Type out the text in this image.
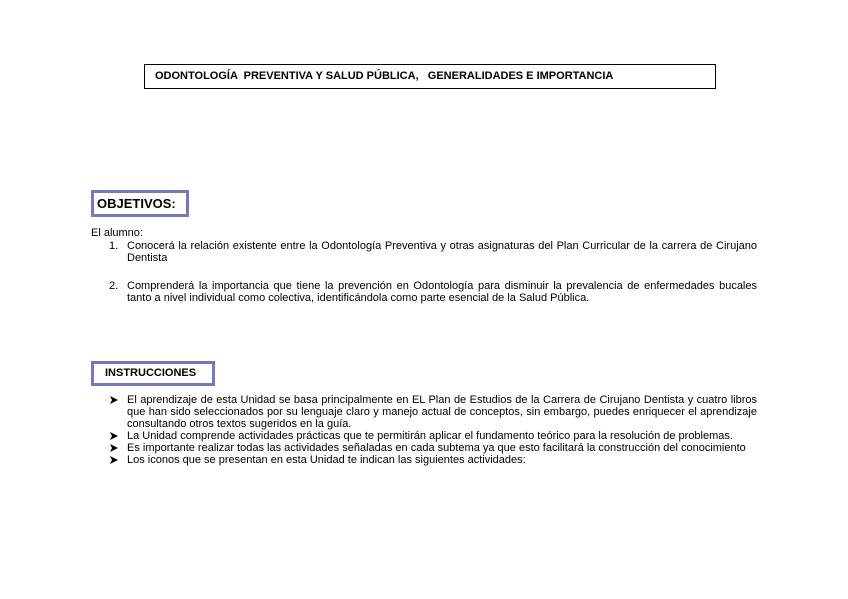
ODONTOLOGÍA  PREVENTIVA Y SALUD PÚBLICA,   GENERALIDADES E IMPORTANCIA
OBJETIVOS:
El alumno:
1. Conocerá la relación existente entre la Odontología Preventiva y otras asignaturas del Plan Curricular de la carrera de Cirujano Dentista
2. Comprenderá la importancia que tiene la prevención en Odontología para disminuir la prevalencia de enfermedades bucales tanto a nivel individual como colectiva, identificándola como parte esencial de la Salud Pública.
INSTRUCCIONES
El aprendizaje de esta Unidad se basa principalmente en EL Plan de Estudios de la Carrera de Cirujano Dentista y cuatro libros que han sido seleccionados por su lenguaje claro y manejo actual de conceptos, sin embargo, puedes enriquecer el aprendizaje consultando otros textos sugeridos en la guía.
La Unidad comprende actividades prácticas que te permitirán aplicar el fundamento teórico para la resolución de problemas.
Es importante realizar todas las actividades señaladas en cada subtema ya que esto facilitará la construcción del conocimiento
Los iconos que se presentan en esta Unidad te indican las siguientes actividades:
